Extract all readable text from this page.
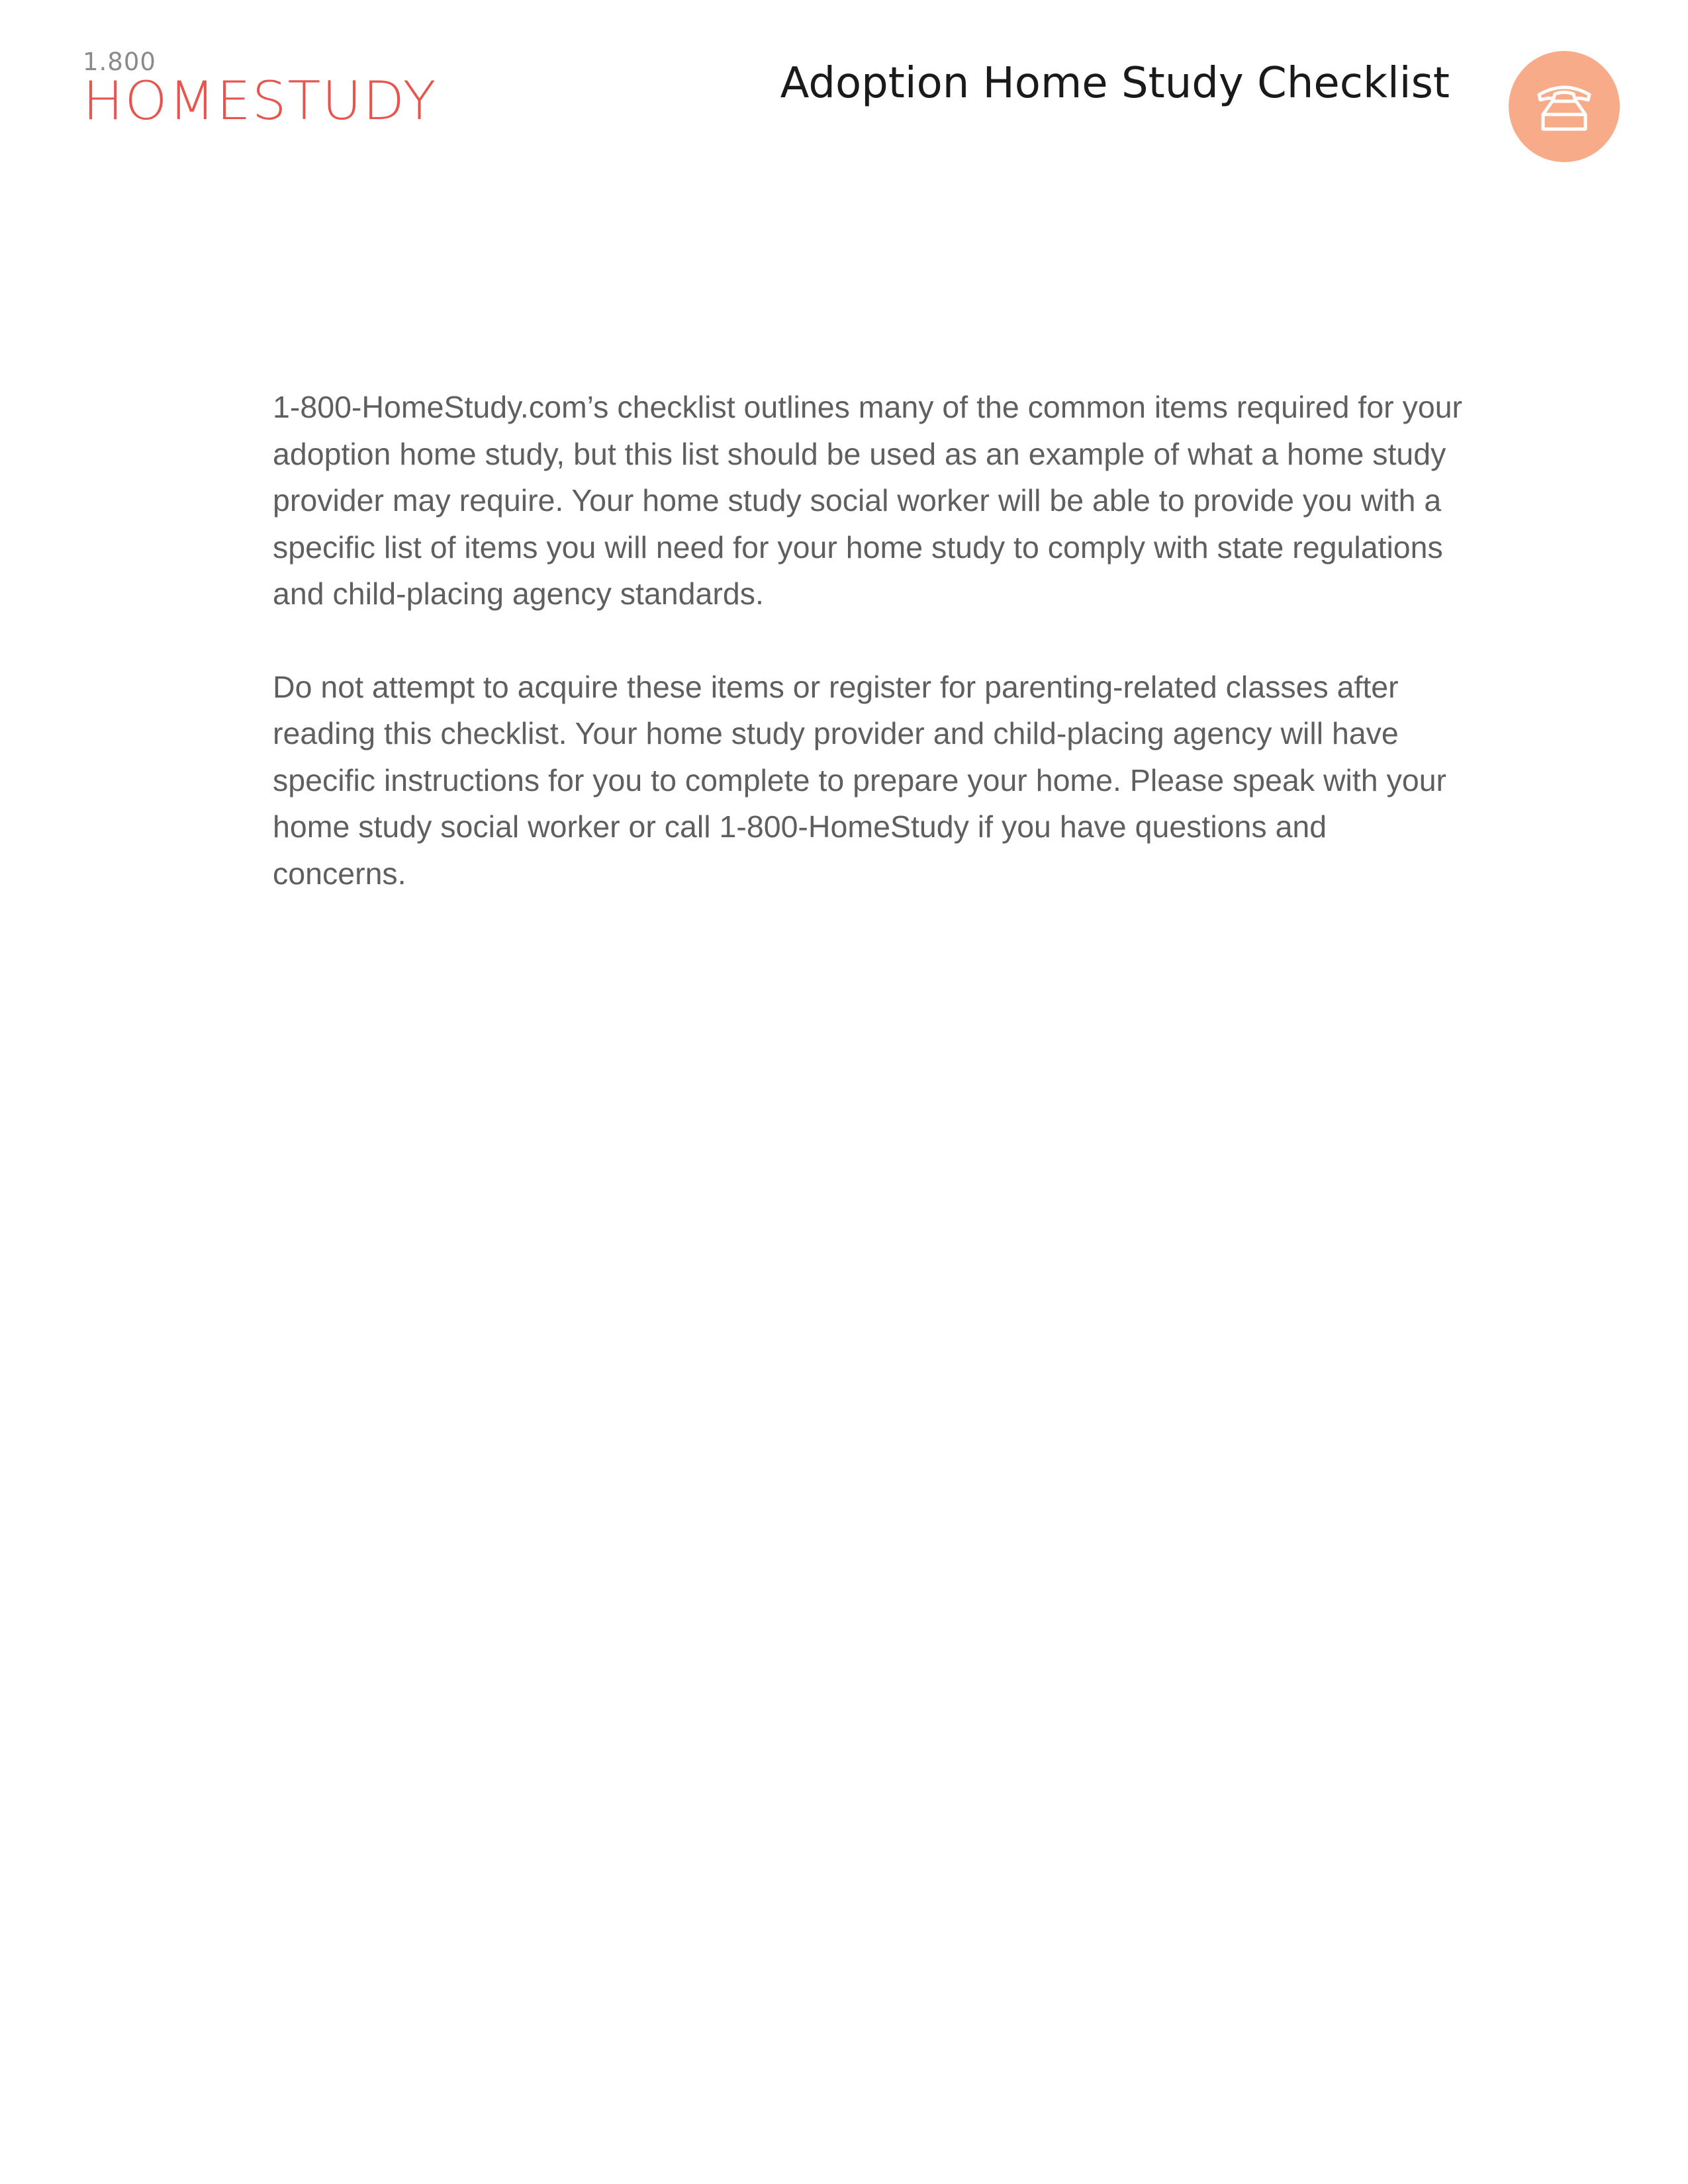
1.800
HOMESTUDY	Adoption Home Study Checklist

1-800-HomeStudy.com’s checklist outlines many of the common items required for your adoption home study, but this list should be used as an example of what a home study provider may require. Your home study social worker will be able to provide you with a specific list of items you will need for your home study to comply with state regulations and child-placing agency standards.

Do not attempt to acquire these items or register for parenting-related classes after reading this checklist. Your home study provider and child-placing agency will have specific instructions for you to complete to prepare your home. Please speak with your home study social worker or call 1-800-HomeStudy if you have questions and concerns.
